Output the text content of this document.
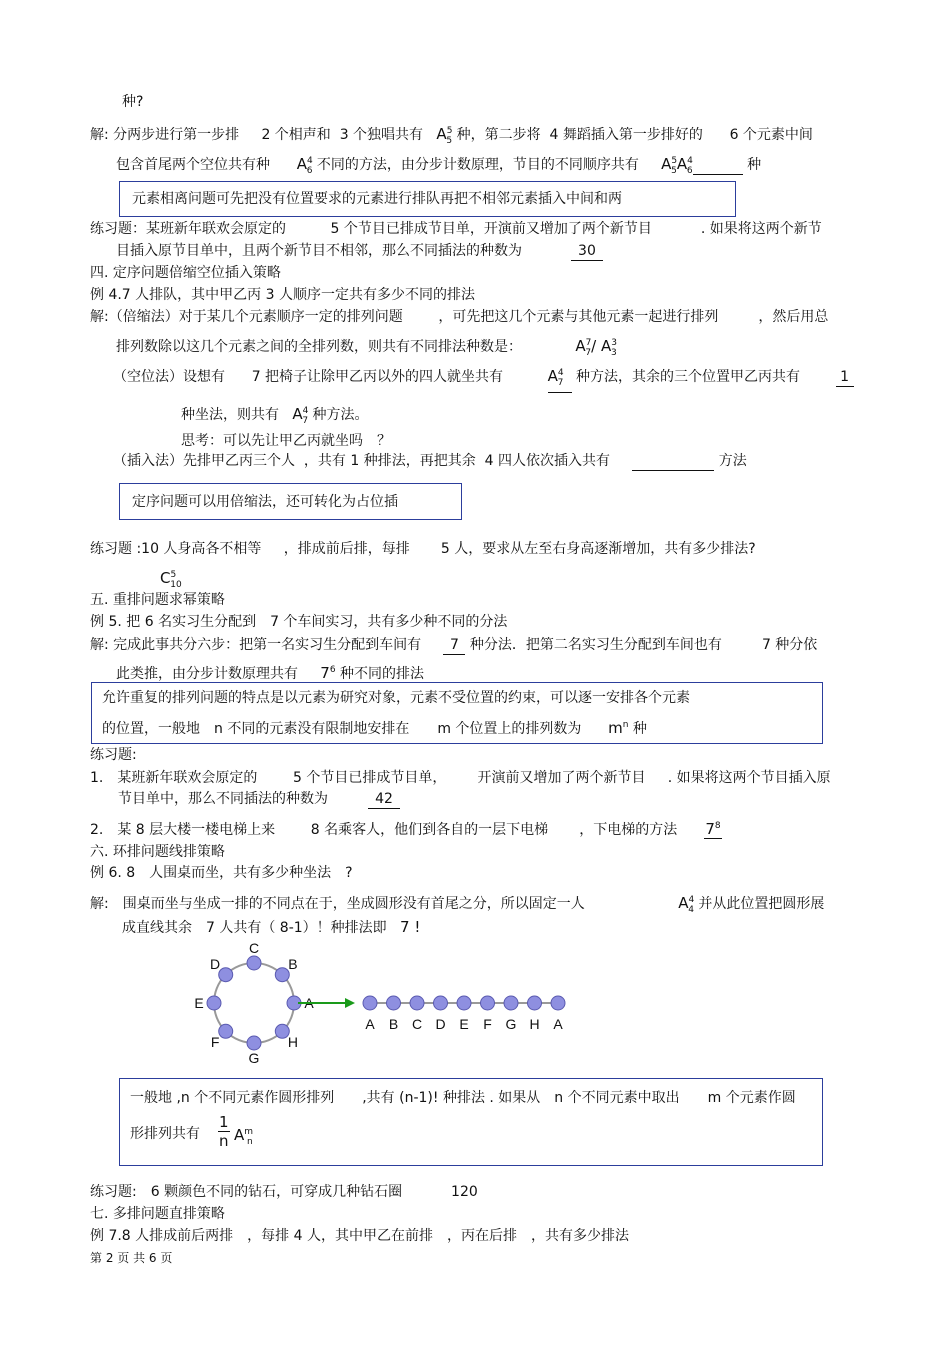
种?
解: 分两步进行第一步排 2 个相声和 3 个独唱共有 $A^5_5$ 种，第二步将 4 舞蹈插入第一步排好的 6 个元素中间
包含首尾两个空位共有种 $A^4_6$ 不同的方法，由分步计数原理，节目的不同顺序共有 $A^5_5A^4_6$	种
元素相离问题可先把没有位置要求的元素进行排队再把不相邻元素插入中间和两
练习题：某班新年联欢会原定的	5 个节目已排成节目单，开演前又增加了两个新节目	. 如果将这两个新节
目插入原节目单中，且两个新节目不相邻，那么不同插法的种数为	30
四. 定序问题倍缩空位插入策略
例 4.7 人排队，其中甲乙丙 3 人顺序一定共有多少不同的排法
解:（倍缩法）对于某几个元素顺序一定的排列问题	，可先把这几个元素与其他元素一起进行排列	，然后用总
排列数除以这几个元素之间的全排列数，则共有不同排法种数是：	$A^7_7/$ $A^3_3$
（空位法）设想有 7 把椅子让除甲乙丙以外的四人就坐共有	$A^4_7$ 种方法，其余的三个位置甲乙丙共有	1
种坐法，则共有 $A^4_7$ 种方法。
思考：可以先让甲乙丙就坐吗　？
（插入法）先排甲乙丙三个人 ，共有 1 种排法，再把其余 4 四人依次插入共有	方法
定序问题可以用倍缩法，还可转化为占位插
练习题 :10 人身高各不相等 ，排成前后排，每排 5 人，要求从左至右身高逐渐增加，共有多少排法?
$C^5_{10}$
五. 重排问题求幂策略
例 5. 把 6 名实习生分配到　7 个车间实习，共有多少种不同的分法
解: 完成此事共分六步：把第一名实习生分配到车间有 7 种分法．把第二名实习生分配到车间也有	7 种分依
此类推，由分步计数原理共有 $7^6$ 种不同的排法
允许重复的排列问题的特点是以元素为研究对象，元素不受位置的约束，可以逐一安排各个元素
的位置，一般地　n 不同的元素没有限制地安排在　　m 个位置上的排列数为 $m^n$ 种
练习题:
1.　某班新年联欢会原定的	5 个节目已排成节目单， 开演前又增加了两个新节目 . 如果将这两个节目插入原
节目单中，那么不同插法的种数为	42
2.　某 8 层大楼一楼电梯上来	8 名乘客人，他们到各自的一层下电梯 ，下电梯的方法 $7^8$
六. 环排问题线排策略
例 6. 8　人围桌而坐，共有多少种坐法　?
解:　围桌而坐与坐成一排的不同点在于，坐成圆形没有首尾之分，所以固定一人	$A^4_4$ 并从此位置把圆形展
成直线其余　7 人共有（ 8-1）！种排法即 7 !
C
B
A
H
G
F
E
D
A B C D E F G H A
一般地 ,n 个不同元素作圆形排列　　,共有 (n-1)! 种排法 . 如果从　n 个不同元素中取出　　m 个元素作圆
形排列共有
1
n $A^m_n$
练习题:　6 颗颜色不同的钻石，可穿成几种钻石圈	120
七. 多排问题直排策略
例 7.8 人排成前后两排　，每排 4 人，其中甲乙在前排　，丙在后排　，共有多少排法
第 2 页 共 6 页
